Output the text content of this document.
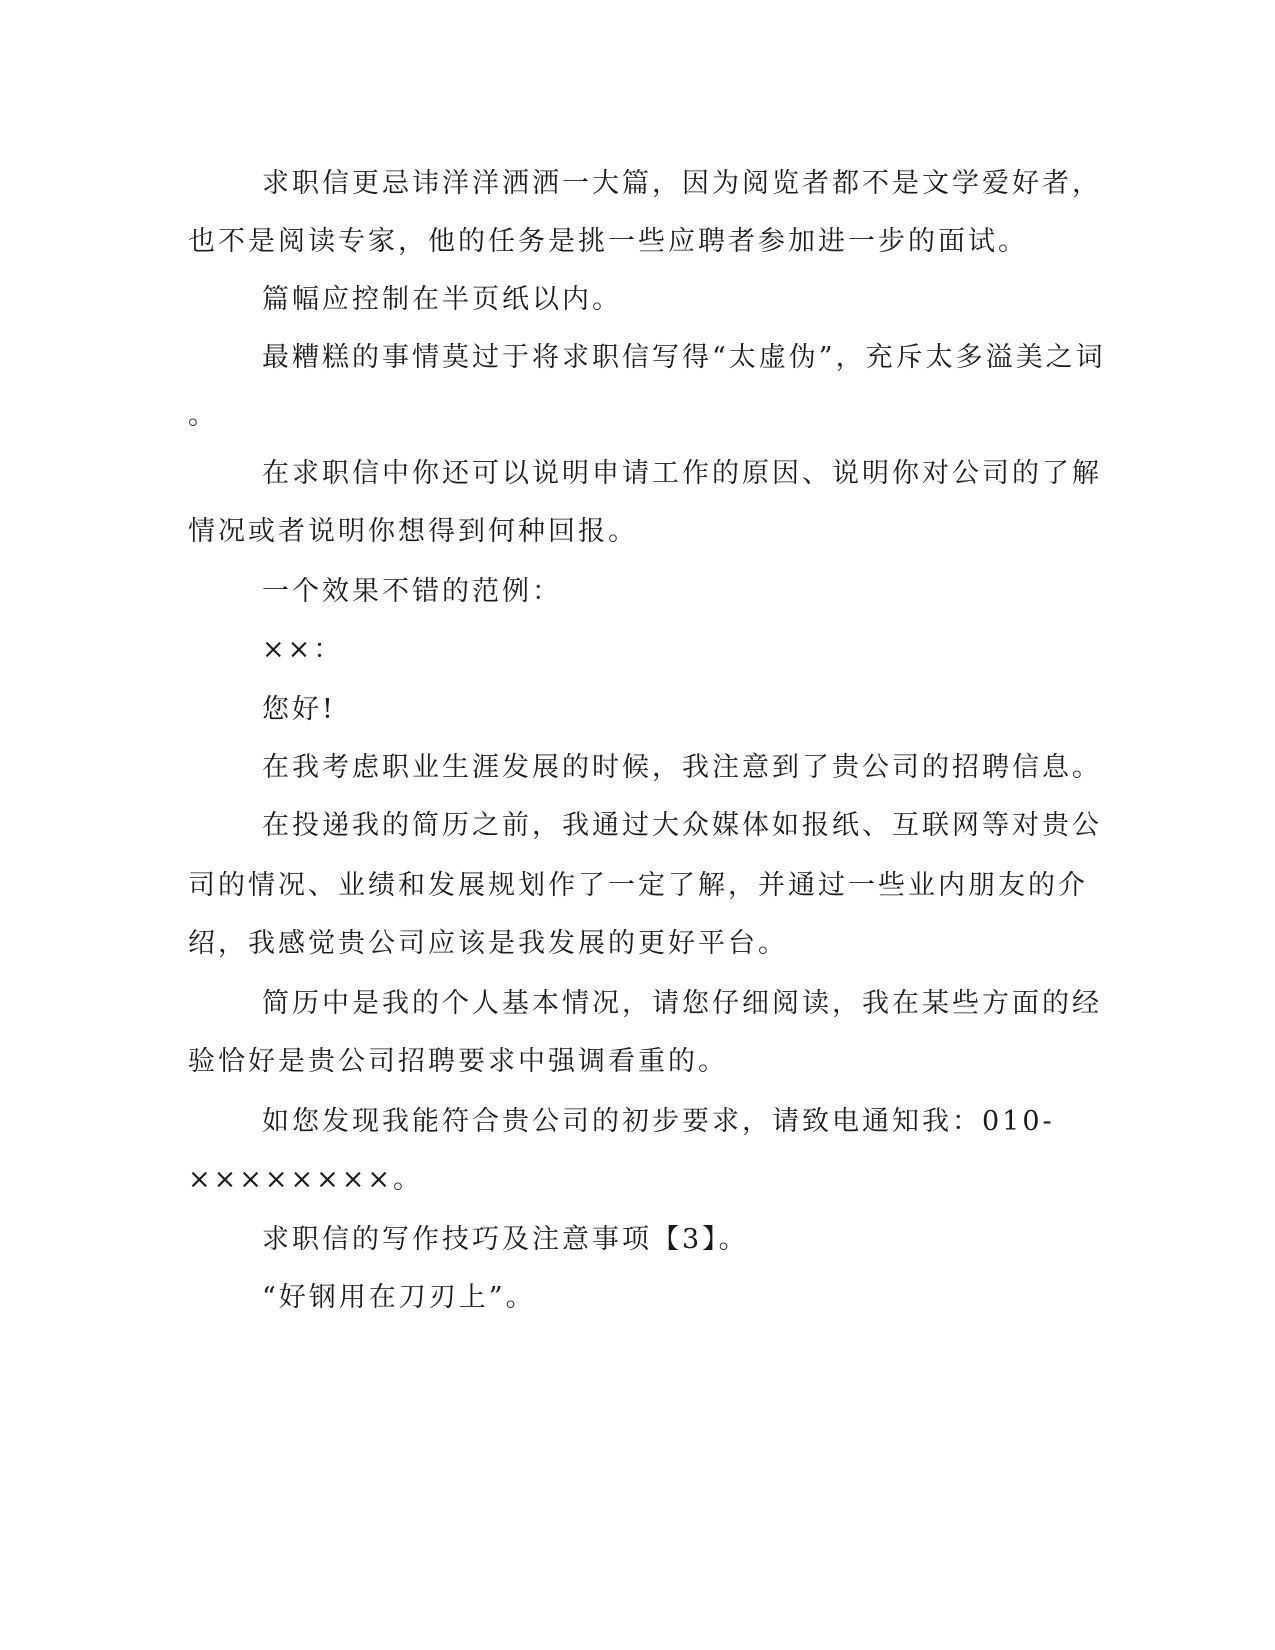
求职信更忌讳洋洋洒洒一大篇，因为阅览者都不是文学爱好者，
也不是阅读专家，他的任务是挑一些应聘者参加进一步的面试。
篇幅应控制在半页纸以内。
最糟糕的事情莫过于将求职信写得“太虚伪”，充斥太多溢美之词
。
在求职信中你还可以说明申请工作的原因、说明你对公司的了解
情况或者说明你想得到何种回报。
一个效果不错的范例：
××：
您好!
在我考虑职业生涯发展的时候，我注意到了贵公司的招聘信息。
在投递我的简历之前，我通过大众媒体如报纸、互联网等对贵公
司的情况、业绩和发展规划作了一定了解，并通过一些业内朋友的介
绍，我感觉贵公司应该是我发展的更好平台。
简历中是我的个人基本情况，请您仔细阅读，我在某些方面的经
验恰好是贵公司招聘要求中强调看重的。
如您发现我能符合贵公司的初步要求，请致电通知我：010-
××××××××。
求职信的写作技巧及注意事项【3】。
“好钢用在刀刃上”。
